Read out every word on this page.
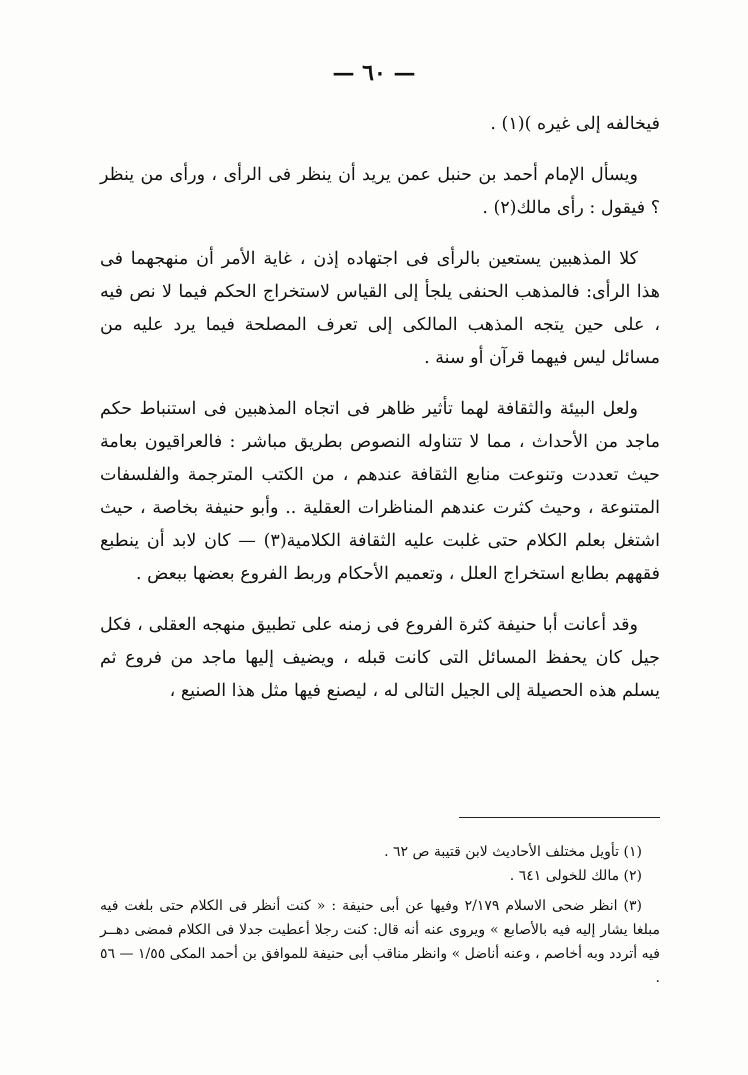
— ٦٠ —

فيخالفه إلى غيره )(١) .

ويسأل الإمام أحمد بن حنبل عمن يريد أن ينظر فى الرأى ، ورأى من ينظر ؟ فيقول : رأى مالك(٢) .

كلا المذهبين يستعين بالرأى فى اجتهاده إذن ، غاية الأمر أن منهجهما فى هذا الرأى: فالمذهب الحنفى يلجأ إلى القياس لاستخراج الحكم فيما لا نص فيه ، على حين يتجه المذهب المالكى إلى تعرف المصلحة فيما يرد عليه من مسائل ليس فيهما قرآن أو سنة .

ولعل البيئة والثقافة لهما تأثير ظاهر فى اتجاه المذهبين فى استنباط حكم ماجد من الأحداث ، مما لا تتناوله النصوص بطريق مباشر : فالعراقيون بعامة حيث تعددت وتنوعت منابع الثقافة عندهم ، من الكتب المترجمة والفلسفات المتنوعة ، وحيث كثرت عندهم المناظرات العقلية .. وأبو حنيفة بخاصة ، حيث اشتغل بعلم الكلام حتى غلبت عليه الثقافة الكلامية(٣) — كان لابد أن ينطبع فقههم بطابع استخراج العلل ، وتعميم الأحكام وربط الفروع بعضها ببعض .

وقد أعانت أبا حنيفة كثرة الفروع فى زمنه على تطبيق منهجه العقلى ، فكل جيل كان يحفظ المسائل التى كانت قبله ، ويضيف إليها ماجد من فروع ثم يسلم هذه الحصيلة إلى الجيل التالى له ، ليصنع فيها مثل هذا الصنيع ،

(١) تأويل مختلف الأحاديث لابن قتيبة ص ٦٢ .

(٢) مالك للخولى ٦٤١ .

(٣) انظر ضحى الاسلام ٢/١٧٩ وفيها عن أبى حنيفة : « كنت أنظر فى الكلام حتى بلغت فيه مبلغا يشار إليه فيه بالأصابع » ويروى عنه أنه قال: كنت رجلا أعطيت جدلا فى الكلام فمضى دهــر فيه أتردد وبه أخاصم ، وعنه أناضل » وانظر مناقب أبى حنيفة للموافق بن أحمد المكى ١/٥٥ — ٥٦ .
